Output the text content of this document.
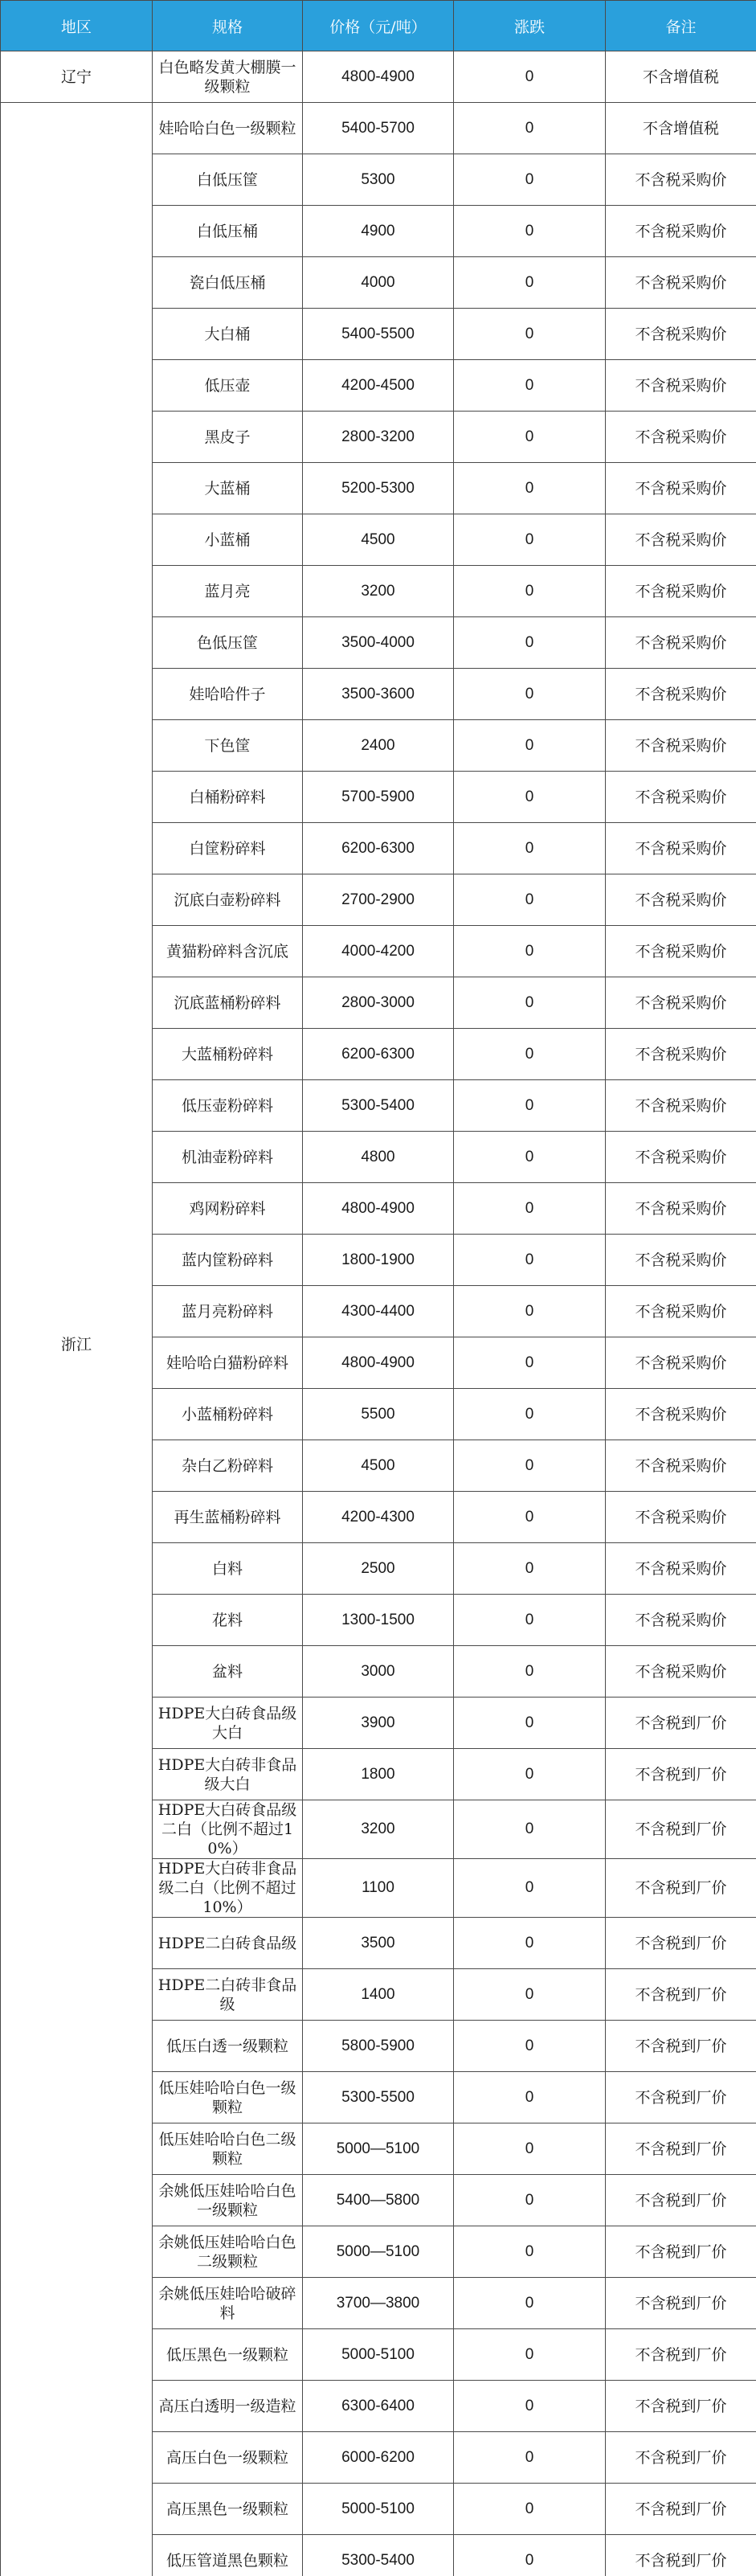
地区	规格	价格（元/吨）	涨跌	备注
辽宁	白色略发黄大棚膜一级颗粒	4800-4900	0	不含增值税
浙江	娃哈哈白色一级颗粒	5400-5700	0	不含增值税
	白低压筐	5300	0	不含税采购价
	白低压桶	4900	0	不含税采购价
	瓷白低压桶	4000	0	不含税采购价
	大白桶	5400-5500	0	不含税采购价
	低压壶	4200-4500	0	不含税采购价
	黑皮子	2800-3200	0	不含税采购价
	大蓝桶	5200-5300	0	不含税采购价
	小蓝桶	4500	0	不含税采购价
	蓝月亮	3200	0	不含税采购价
	色低压筐	3500-4000	0	不含税采购价
	娃哈哈件子	3500-3600	0	不含税采购价
	下色筐	2400	0	不含税采购价
	白桶粉碎料	5700-5900	0	不含税采购价
	白筐粉碎料	6200-6300	0	不含税采购价
	沉底白壶粉碎料	2700-2900	0	不含税采购价
	黄猫粉碎料含沉底	4000-4200	0	不含税采购价
	沉底蓝桶粉碎料	2800-3000	0	不含税采购价
	大蓝桶粉碎料	6200-6300	0	不含税采购价
	低压壶粉碎料	5300-5400	0	不含税采购价
	机油壶粉碎料	4800	0	不含税采购价
	鸡网粉碎料	4800-4900	0	不含税采购价
	蓝内筐粉碎料	1800-1900	0	不含税采购价
	蓝月亮粉碎料	4300-4400	0	不含税采购价
	娃哈哈白猫粉碎料	4800-4900	0	不含税采购价
	小蓝桶粉碎料	5500	0	不含税采购价
	杂白乙粉碎料	4500	0	不含税采购价
	再生蓝桶粉碎料	4200-4300	0	不含税采购价
	白料	2500	0	不含税采购价
	花料	1300-1500	0	不含税采购价
	盆料	3000	0	不含税采购价
	HDPE大白砖食品级大白	3900	0	不含税到厂价
	HDPE大白砖非食品级大白	1800	0	不含税到厂价
	HDPE大白砖食品级二白（比例不超过10%）	3200	0	不含税到厂价
	HDPE大白砖非食品级二白（比例不超过10%）	1100	0	不含税到厂价
	HDPE二白砖食品级	3500	0	不含税到厂价
	HDPE二白砖非食品级	1400	0	不含税到厂价
	低压白透一级颗粒	5800-5900	0	不含税到厂价
	低压娃哈哈白色一级颗粒	5300-5500	0	不含税到厂价
	低压娃哈哈白色二级颗粒	5000—5100	0	不含税到厂价
	余姚低压娃哈哈白色一级颗粒	5400—5800	0	不含税到厂价
	余姚低压娃哈哈白色二级颗粒	5000—5100	0	不含税到厂价
	余姚低压娃哈哈破碎料	3700—3800	0	不含税到厂价
	低压黑色一级颗粒	5000-5100	0	不含税到厂价
	高压白透明一级造粒	6300-6400	0	不含税到厂价
	高压白色一级颗粒	6000-6200	0	不含税到厂价
	高压黑色一级颗粒	5000-5100	0	不含税到厂价
	低压管道黑色颗粒	5300-5400	0	不含税到厂价
